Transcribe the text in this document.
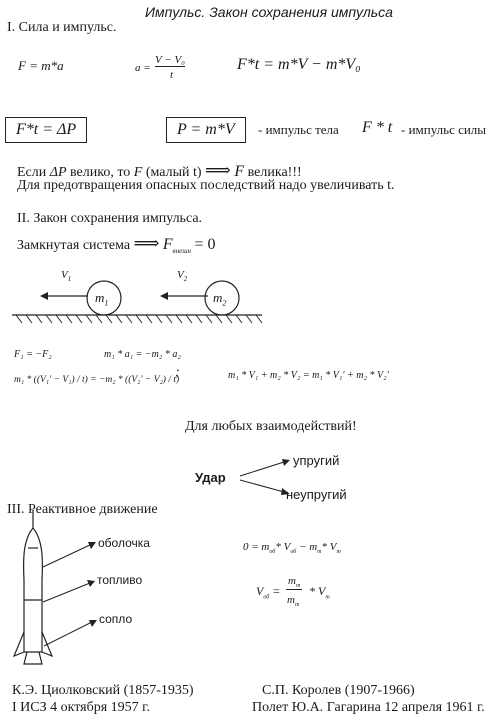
Импульс. Закон сохранения импульса
I. Сила и импульс.
F = m*a	a =
V − V₀
t
F*t = m*V − m*V₀
F*t = ΔP	P = m*V	- импульс тела F * t - импульс силы
Если ΔP велико, то F (малый t) ⟹ F велика!!!
Для предотвращения опасных последствий надо увеличивать t.
II. Закон сохранения импульса.
Замкнутая система ⟹ $F_{внешн} = 0$
$V_1$
$m_1$
$V_2$
$m_2$
F₁ = −F₂	m₁ * a₁ = −m₂ * a₂
m₁ * ((V₁′ − V₁) / t) = −m₂ * ((V₂′ − V₂) / t)
;	m₁ * V₁ + m₂ * V₂ = m₁ * V₁′ + m₂ * V₂′
Для любых взаимодействий!
Удар
упругий
неупругий
III. Реактивное движение
оболочка
топливо
сопло
$0 = m_{об}*$ $V_{об} - m_т*$ $V_т$
$V_{об}$ =
$m_т$
$m_т$
* $V_т$
К.Э. Циолковский (1857-1935)
I ИСЗ 4 октября 1957 г.
С.П. Королев (1907-1966)
Полет Ю.А. Гагарина 12 апреля 1961 г.
